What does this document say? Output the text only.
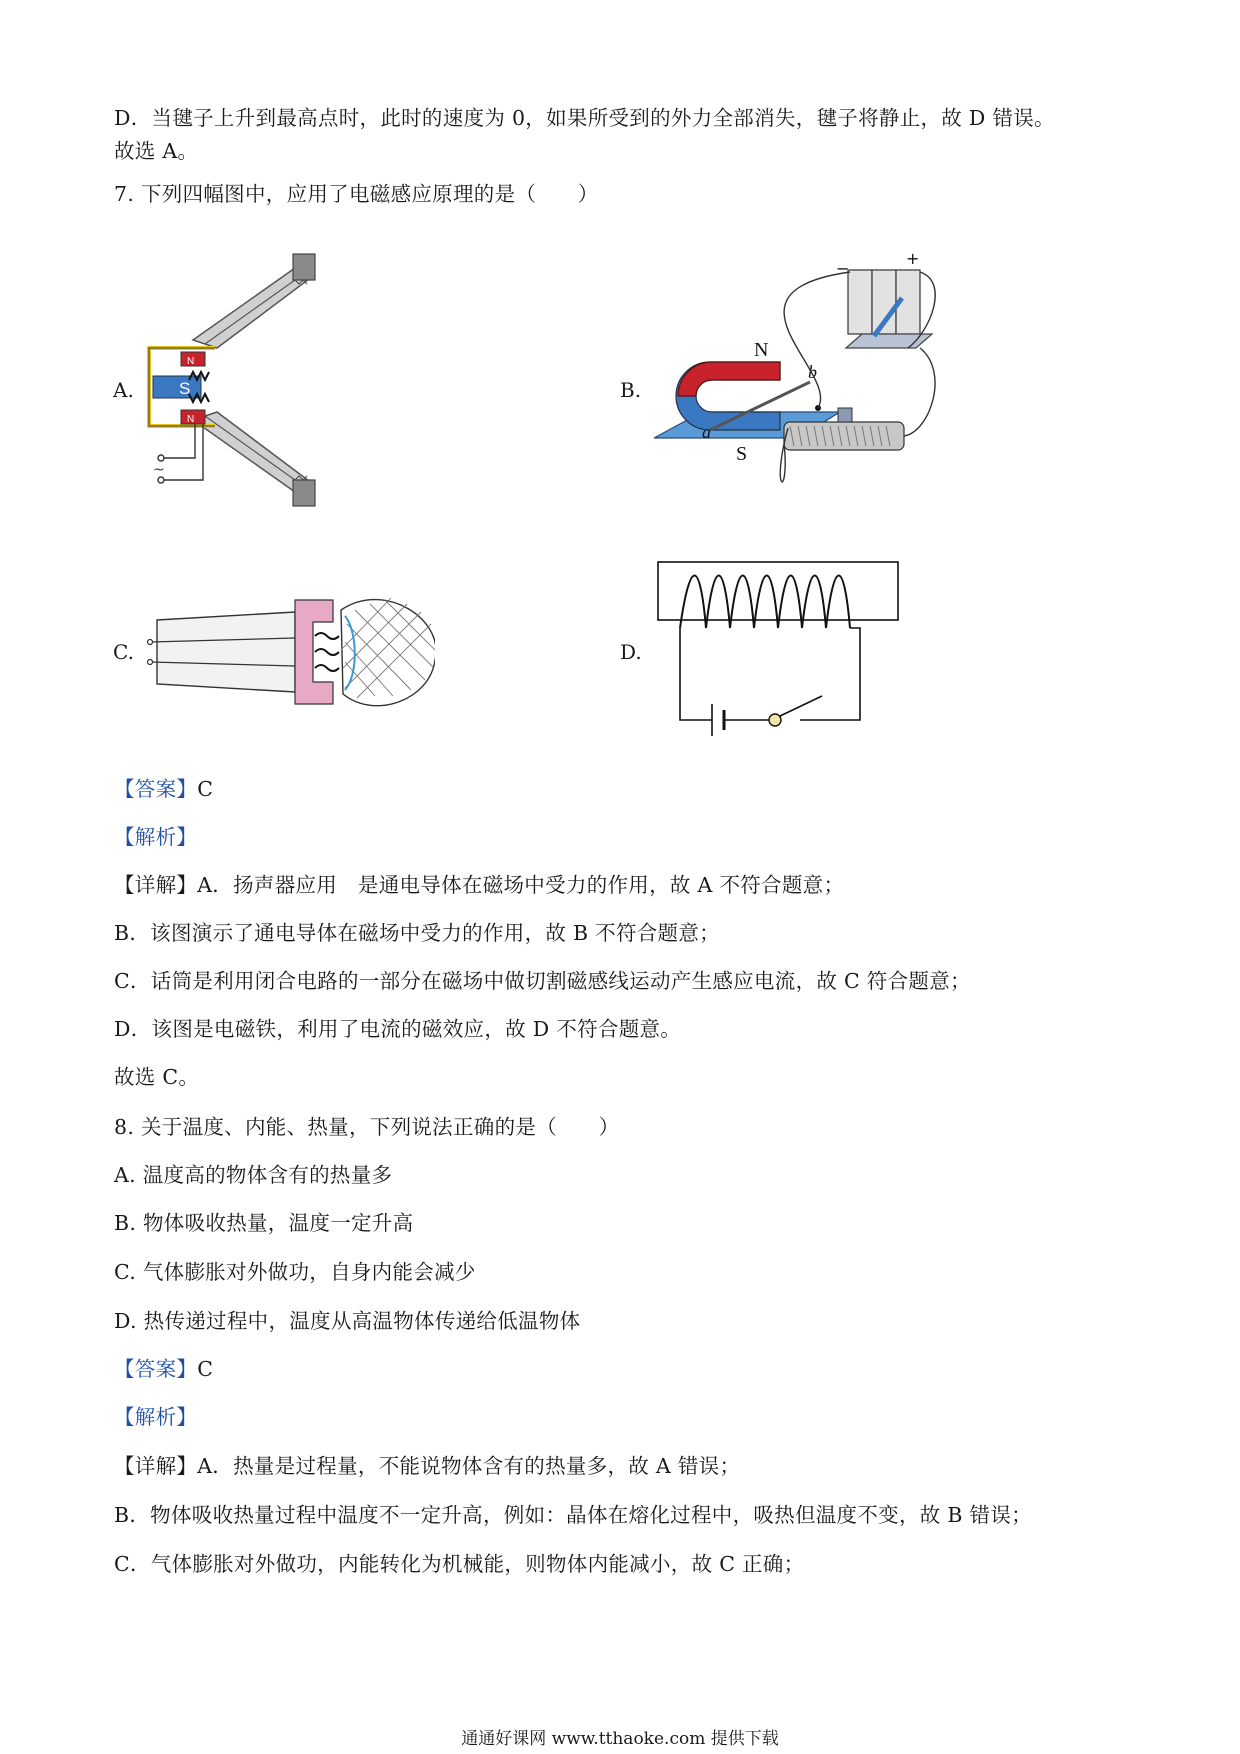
D．当毽子上升到最高点时，此时的速度为 0，如果所受到的外力全部消失，毽子将静止，故 D 错误。
故选 A。
7. 下列四幅图中，应用了电磁感应原理的是（　　）
A.	B.
C.	D.
S
N
N
~
N
S
a
b
−
+
【答案】C
【解析】
【详解】A．扬声器应用　是通电导体在磁场中受力的作用，故 A 不符合题意；
B．该图演示了通电导体在磁场中受力的作用，故 B 不符合题意；
C．话筒是利用闭合电路的一部分在磁场中做切割磁感线运动产生感应电流，故 C 符合题意；
D．该图是电磁铁，利用了电流的磁效应，故 D 不符合题意。
故选 C。
8. 关于温度、内能、热量，下列说法正确的是（　　）
A. 温度高的物体含有的热量多
B. 物体吸收热量，温度一定升高
C. 气体膨胀对外做功，自身内能会减少
D. 热传递过程中，温度从高温物体传递给低温物体
【答案】C
【解析】
【详解】A．热量是过程量，不能说物体含有的热量多，故 A 错误；
B．物体吸收热量过程中温度不一定升高，例如：晶体在熔化过程中，吸热但温度不变，故 B 错误；
C．气体膨胀对外做功，内能转化为机械能，则物体内能减小，故 C 正确；
通通好课网 www.tthaoke.com 提供下载
